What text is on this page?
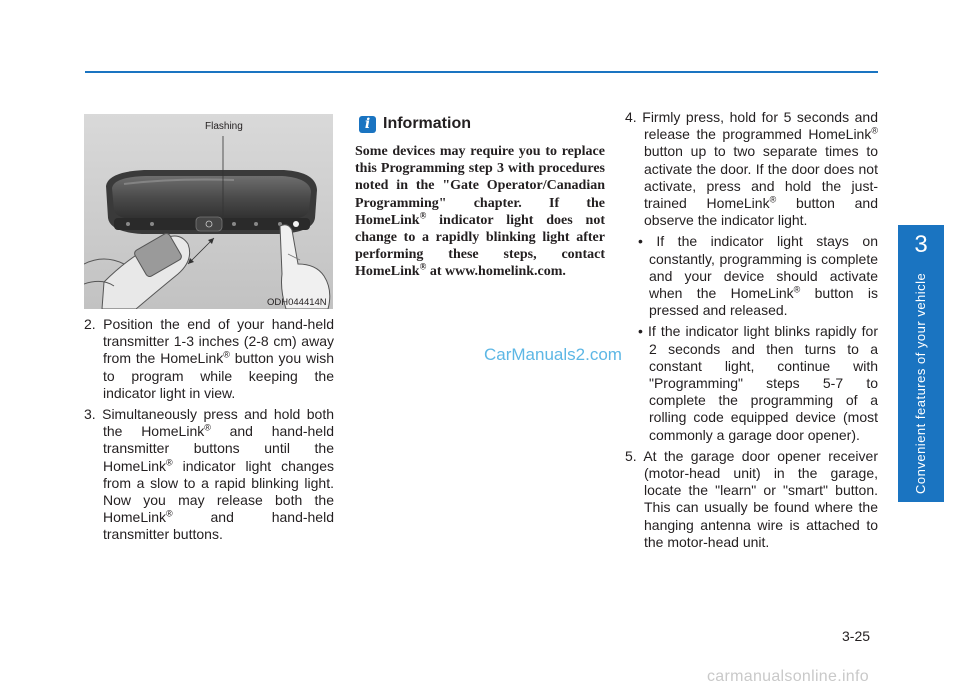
3
Convenient features of your vehicle
Flashing
ODH044414N

2. Position the end of your hand-held transmitter 1-3 inches (2-8 cm) away from the HomeLink® button you wish to program while keeping the indicator light in view.

3. Simultaneously press and hold both the HomeLink® and hand-held transmitter buttons until the HomeLink® indicator light changes from a slow to a rapid blinking light. Now you may release both the HomeLink® and hand-held transmitter buttons.

i Information
Some devices may require you to replace this Programming step 3 with procedures noted in the "Gate Operator/Canadian Programming" chapter. If the HomeLink® indicator light does not change to a rapidly blinking light after performing these steps, contact HomeLink® at www.homelink.com.

4. Firmly press, hold for 5 seconds and release the programmed HomeLink® button up to two separate times to activate the door. If the door does not activate, press and hold the just-trained HomeLink® button and observe the indicator light.

• If the indicator light stays on constantly, programming is complete and your device should activate when the HomeLink® button is pressed and released.

• If the indicator light blinks rapidly for 2 seconds and then turns to a constant light, continue with "Programming" steps 5-7 to complete the programming of a rolling code equipped device (most commonly a garage door opener).

5. At the garage door opener receiver (motor-head unit) in the garage, locate the "learn" or "smart" button. This can usually be found where the hanging antenna wire is attached to the motor-head unit.

CarManuals2.com
3-25
carmanualsonline.info
